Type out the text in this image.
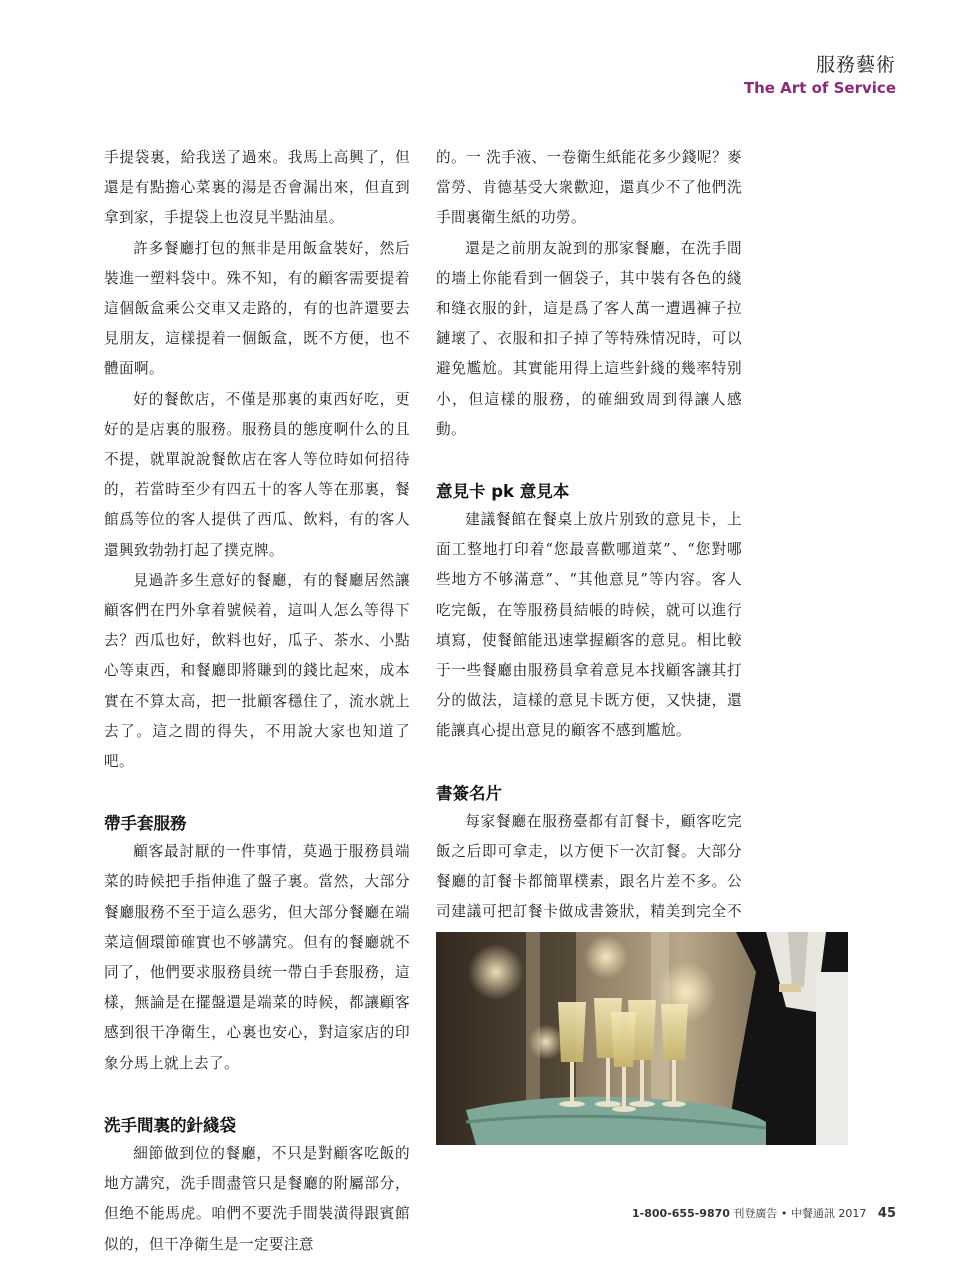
服務藝術
The Art of Service

手提袋裏，給我送了過來。我馬上高興了，但還是有點擔心菜裏的湯是否會漏出來，但直到拿到家，手提袋上也沒見半點油星。

許多餐廳打包的無非是用飯盒裝好，然后裝進一塑料袋中。殊不知，有的顧客需要提着這個飯盒乘公交車又走路的，有的也許還要去見朋友，這樣提着一個飯盒，既不方便，也不體面啊。

好的餐飲店，不僅是那裏的東西好吃，更好的是店裏的服務。服務員的態度啊什么的且不提，就單說說餐飲店在客人等位時如何招待的，若當時至少有四五十的客人等在那裏，餐館爲等位的客人提供了西瓜、飲料，有的客人還興致勃勃打起了撲克牌。

見過許多生意好的餐廳，有的餐廳居然讓顧客們在門外拿着號候着，這叫人怎么等得下去？西瓜也好，飲料也好，瓜子、茶水、小點心等東西，和餐廳即將賺到的錢比起來，成本實在不算太高，把一批顧客穩住了，流水就上去了。這之間的得失，不用說大家也知道了吧。

帶手套服務

顧客最討厭的一件事情，莫過于服務員端菜的時候把手指伸進了盤子裏。當然，大部分餐廳服務不至于這么惡劣，但大部分餐廳在端菜這個環節確實也不够講究。但有的餐廳就不同了，他們要求服務員统一帶白手套服務，這樣，無論是在擺盤還是端菜的時候，都讓顧客感到很干净衛生，心裏也安心，對這家店的印象分馬上就上去了。

洗手間裏的針綫袋

細節做到位的餐廳，不只是對顧客吃飯的地方講究，洗手間盡管只是餐廳的附屬部分，但绝不能馬虎。咱們不要洗手間裝潢得跟賓館似的，但干净衛生是一定要注意

的。一 洗手液、一卷衛生紙能花多少錢呢？麥當勞、肯德基受大衆歡迎，還真少不了他們洗手間裏衛生紙的功勞。

還是之前朋友說到的那家餐廳，在洗手間的墻上你能看到一個袋子，其中裝有各色的綫和缝衣服的針，這是爲了客人萬一遭遇褲子拉鏈壞了、衣服和扣子掉了等特殊情况時，可以避免尷尬。其實能用得上這些針綫的幾率特别小，但這樣的服務，的確細致周到得讓人感動。

意見卡 pk 意見本

建議餐館在餐桌上放片别致的意見卡，上面工整地打印着“您最喜歡哪道菜”、“您對哪些地方不够滿意”、“其他意見”等内容。客人吃完飯，在等服務員結帳的時候，就可以進行填寫，使餐館能迅速掌握顧客的意見。相比較于一些餐廳由服務員拿着意見本找顧客讓其打分的做法，這樣的意見卡既方便，又快捷，還能讓真心提出意見的顧客不感到尷尬。

書簽名片

每家餐廳在服務臺都有訂餐卡，顧客吃完飯之后即可拿走，以方便下一次訂餐。大部分餐廳的訂餐卡都簡單樸素，跟名片差不多。公司建議可把訂餐卡做成書簽狀，精美到完全不

1-800-655-9870 刊登廣告 • 中餐通訊 2017 45
